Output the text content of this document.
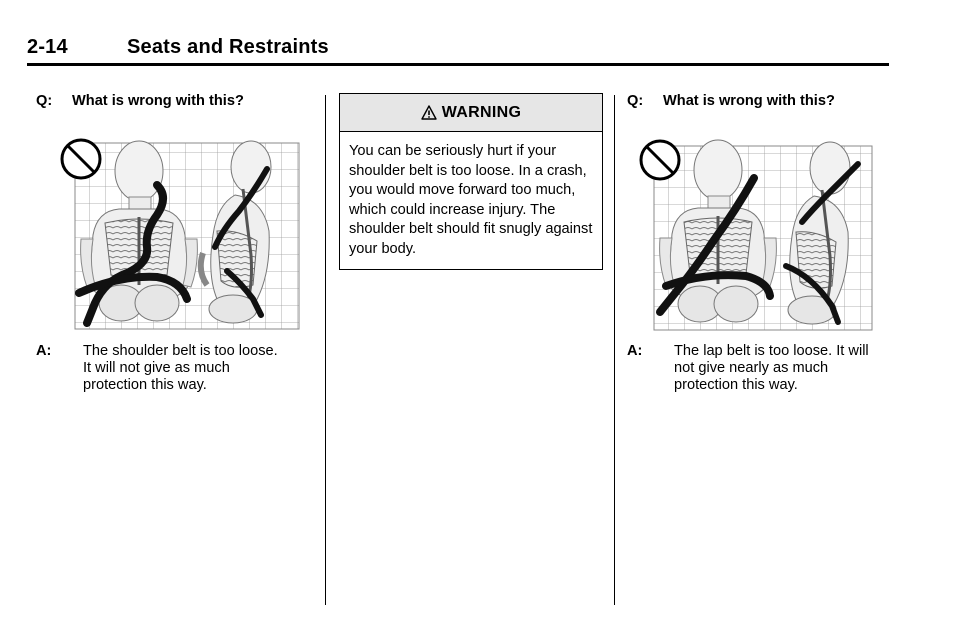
2-14	Seats and Restraints
Q: What is wrong with this?
A: The shoulder belt is too loose.
It will not give as much
protection this way.
WARNING
You can be seriously hurt if your shoulder belt is too loose. In a crash, you would move forward too much, which could increase injury. The shoulder belt should fit snugly against your body.
Q: What is wrong with this?
A: The lap belt is too loose. It will
not give nearly as much
protection this way.
